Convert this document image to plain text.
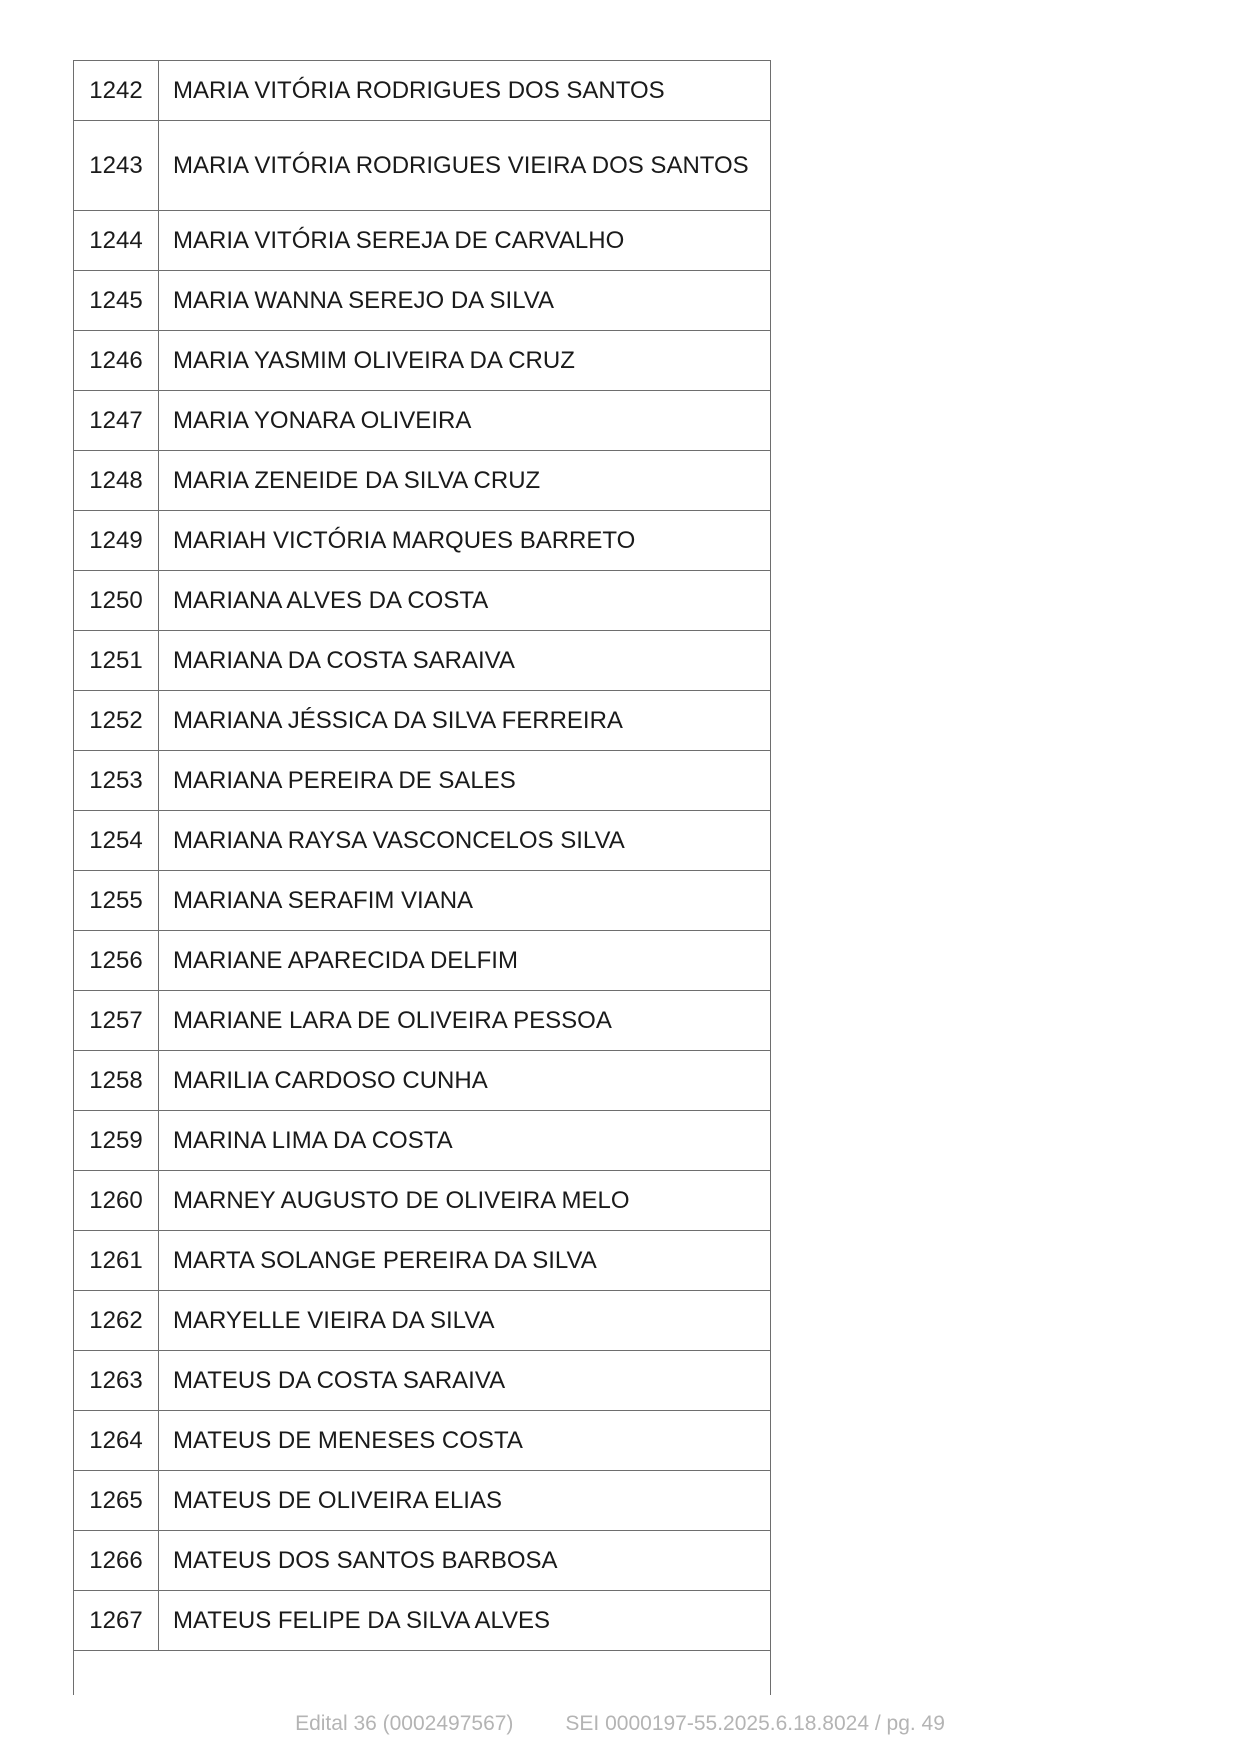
1242	MARIA VITÓRIA RODRIGUES DOS SANTOS
1243	MARIA VITÓRIA RODRIGUES VIEIRA DOS SANTOS
1244	MARIA VITÓRIA SEREJA DE CARVALHO
1245	MARIA WANNA SEREJO DA SILVA
1246	MARIA YASMIM OLIVEIRA DA CRUZ
1247	MARIA YONARA OLIVEIRA
1248	MARIA ZENEIDE DA SILVA CRUZ
1249	MARIAH VICTÓRIA MARQUES BARRETO
1250	MARIANA ALVES DA COSTA
1251	MARIANA DA COSTA SARAIVA
1252	MARIANA JÉSSICA DA SILVA FERREIRA
1253	MARIANA PEREIRA DE SALES
1254	MARIANA RAYSA VASCONCELOS SILVA
1255	MARIANA SERAFIM VIANA
1256	MARIANE APARECIDA DELFIM
1257	MARIANE LARA DE OLIVEIRA PESSOA
1258	MARILIA CARDOSO CUNHA
1259	MARINA LIMA DA COSTA
1260	MARNEY AUGUSTO DE OLIVEIRA MELO
1261	MARTA SOLANGE PEREIRA DA SILVA
1262	MARYELLE VIEIRA DA SILVA
1263	MATEUS DA COSTA SARAIVA
1264	MATEUS DE MENESES COSTA
1265	MATEUS DE OLIVEIRA ELIAS
1266	MATEUS DOS SANTOS BARBOSA
1267	MATEUS FELIPE DA SILVA ALVES
Edital 36 (0002497567) SEI 0000197-55.2025.6.18.8024 / pg. 49
